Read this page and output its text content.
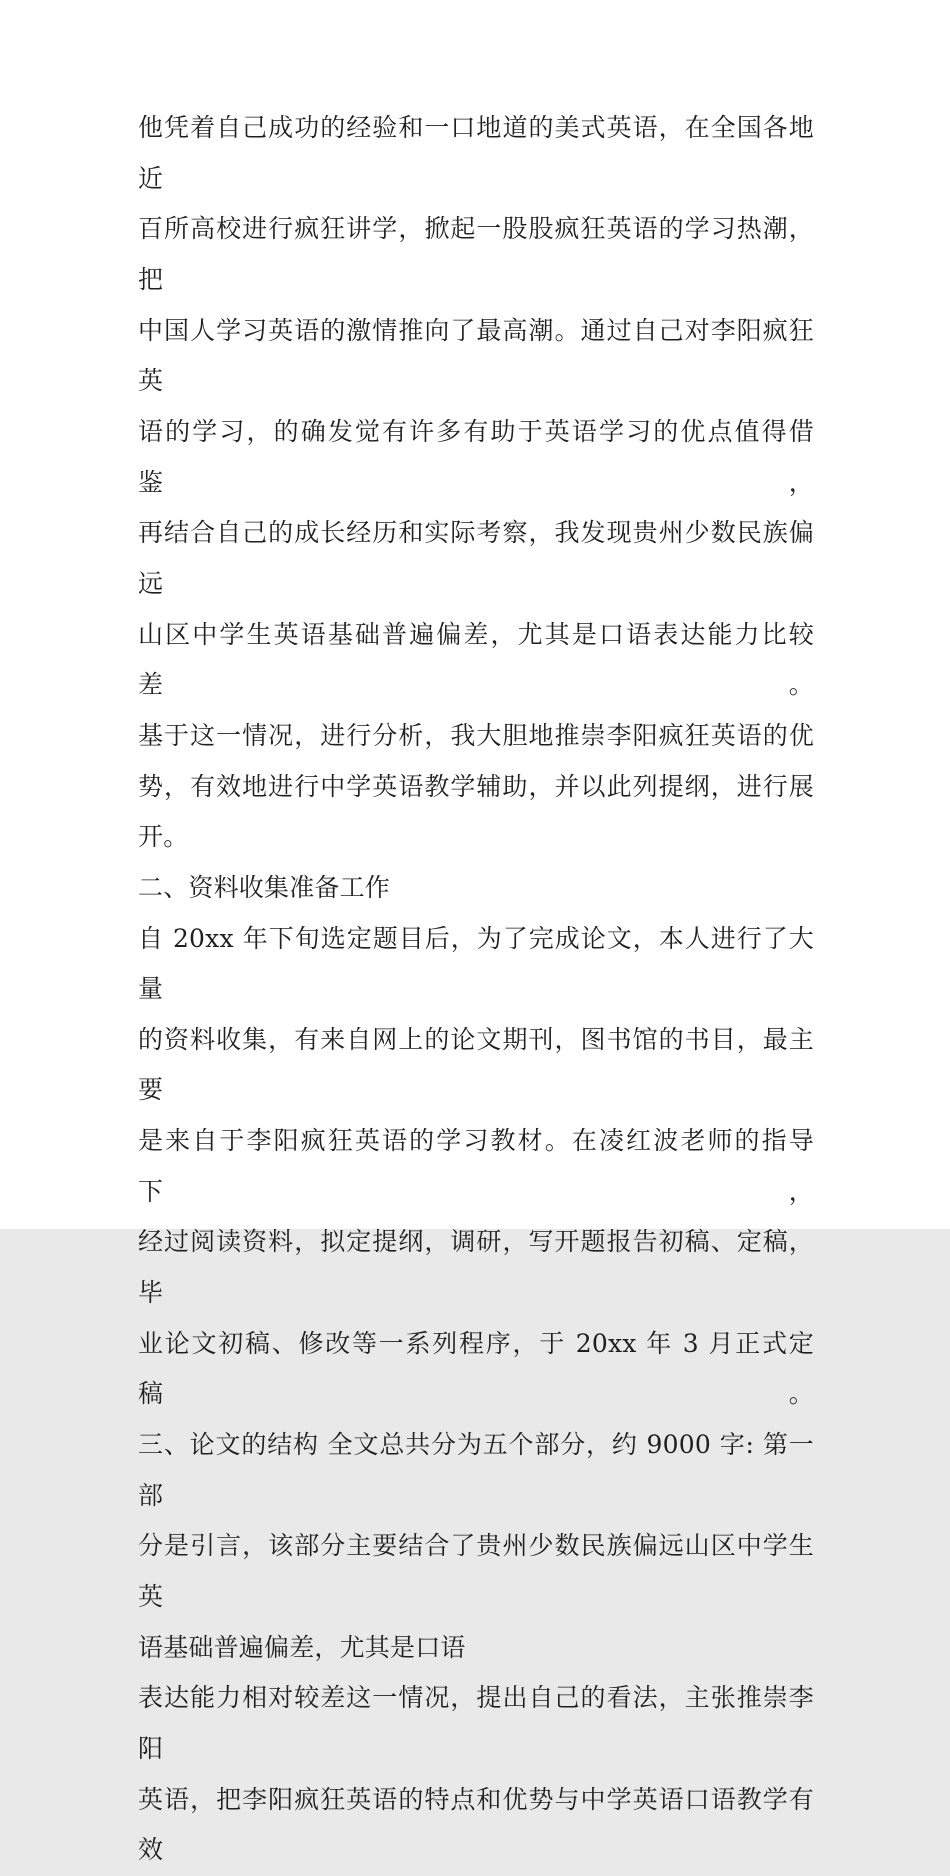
他凭着自己成功的经验和一口地道的美式英语，在全国各地近

百所高校进行疯狂讲学，掀起一股股疯狂英语的学习热潮，把

中国人学习英语的激情推向了最高潮。通过自己对李阳疯狂英

语的学习，的确发觉有许多有助于英语学习的优点值得借鉴，

再结合自己的成长经历和实际考察，我发现贵州少数民族偏远

山区中学生英语基础普遍偏差，尤其是口语表达能力比较差。

基于这一情况，进行分析，我大胆地推崇李阳疯狂英语的优

势，有效地进行中学英语教学辅助，并以此列提纲，进行展

开。

二、资料收集准备工作

自 20xx 年下旬选定题目后，为了完成论文，本人进行了大量

的资料收集，有来自网上的论文期刊，图书馆的书目，最主要

是来自于李阳疯狂英语的学习教材。在凌红波老师的指导下，

经过阅读资料，拟定提纲，调研，写开题报告初稿、定稿，毕

业论文初稿、修改等一系列程序，于 20xx 年 3 月正式定稿。

三、论文的结构 全文总共分为五个部分，约 9000 字: 第一部

分是引言，该部分主要结合了贵州少数民族偏远山区中学生英

语基础普遍偏差，尤其是口语

表达能力相对较差这一情况，提出自己的看法，主张推崇李阳

英语，把李阳疯狂英语的特点和优势与中学英语口语教学有效
